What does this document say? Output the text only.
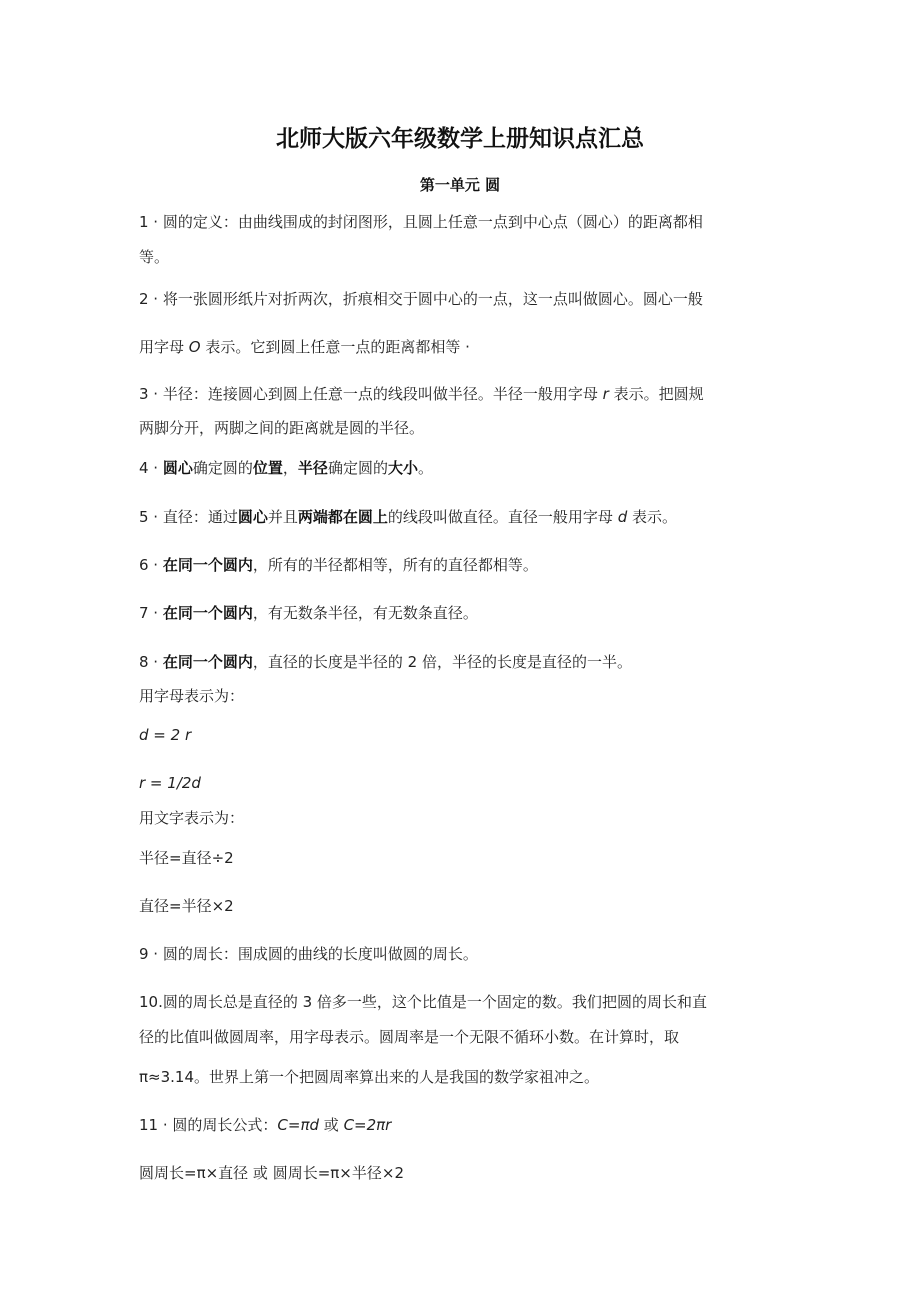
北师大版六年级数学上册知识点汇总
第一单元 圆
1 · 圆的定义：由曲线围成的封闭图形，且圆上任意一点到中心点（圆心）的距离都相
等。
2 · 将一张圆形纸片对折两次，折痕相交于圆中心的一点，这一点叫做圆心。圆心一般
用字母 O 表示。它到圆上任意一点的距离都相等 ·
3 · 半径：连接圆心到圆上任意一点的线段叫做半径。半径一般用字母 r 表示。把圆规
两脚分开，两脚之间的距离就是圆的半径。
4 · 圆心确定圆的位置，半径确定圆的大小。
5 · 直径：通过圆心并且两端都在圆上的线段叫做直径。直径一般用字母 d 表示。
6 · 在同一个圆内，所有的半径都相等，所有的直径都相等。
7 · 在同一个圆内，有无数条半径，有无数条直径。
8 · 在同一个圆内，直径的长度是半径的 2 倍，半径的长度是直径的一半。
用字母表示为：
d = 2 r
r = 1/2d
用文字表示为：
半径=直径÷2
直径=半径×2
9 · 圆的周长：围成圆的曲线的长度叫做圆的周长。
10.圆的周长总是直径的 3 倍多一些，这个比值是一个固定的数。我们把圆的周长和直
径的比值叫做圆周率，用字母表示。圆周率是一个无限不循环小数。在计算时，取
π≈3.14。世界上第一个把圆周率算出来的人是我国的数学家祖冲之。
11 · 圆的周长公式：C=πd 或 C=2πr
圆周长=π×直径 或 圆周长=π×半径×2
